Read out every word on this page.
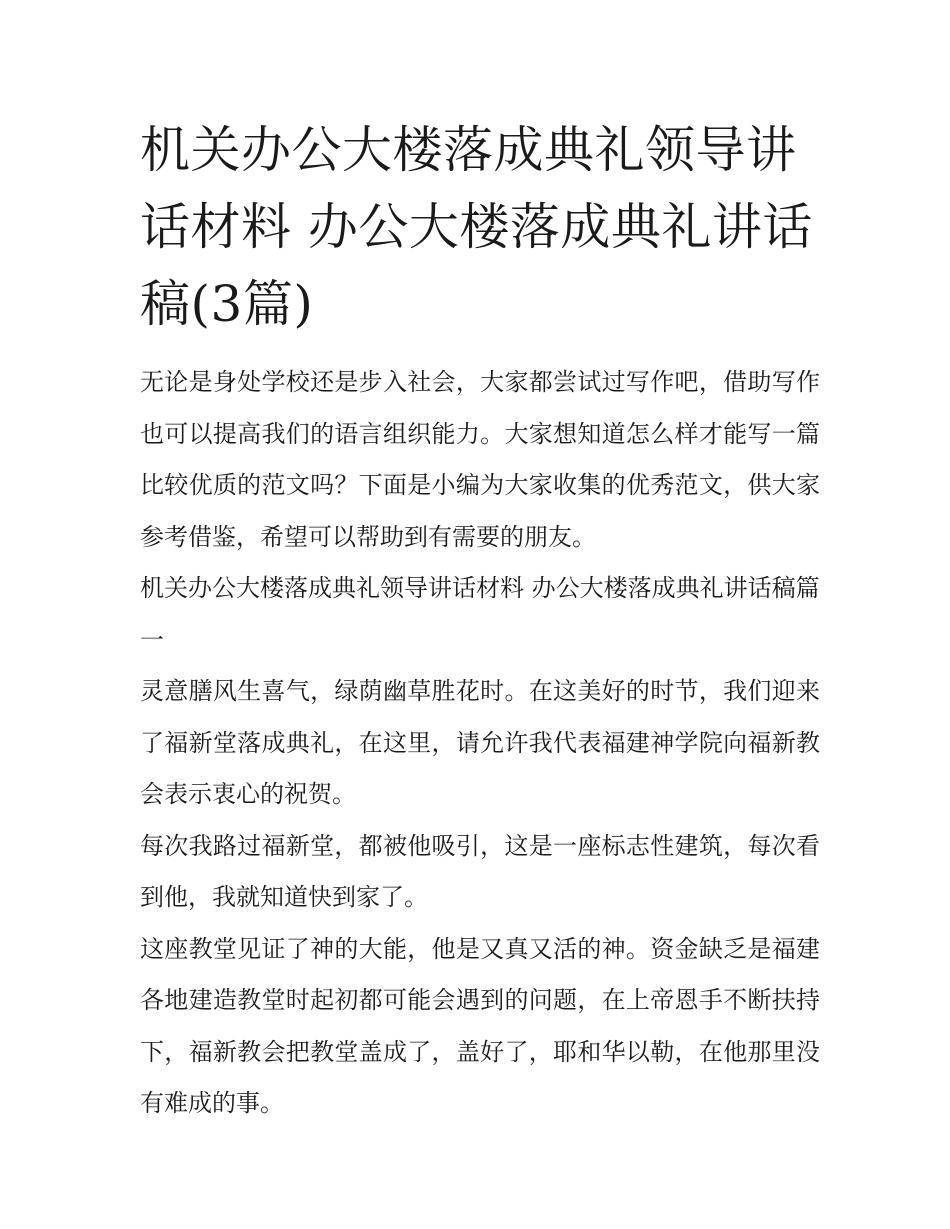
机关办公大楼落成典礼领导讲
话材料 办公大楼落成典礼讲话
稿(3篇)

无论是身处学校还是步入社会，大家都尝试过写作吧，借助写作也可以提高我们的语言组织能力。大家想知道怎么样才能写一篇比较优质的范文吗？下面是小编为大家收集的优秀范文，供大家参考借鉴，希望可以帮助到有需要的朋友。

机关办公大楼落成典礼领导讲话材料 办公大楼落成典礼讲话稿篇一

灵意膳风生喜气，绿荫幽草胜花时。在这美好的时节，我们迎来了福新堂落成典礼，在这里，请允许我代表福建神学院向福新教会表示衷心的祝贺。

每次我路过福新堂，都被他吸引，这是一座标志性建筑，每次看到他，我就知道快到家了。

这座教堂见证了神的大能，他是又真又活的神。资金缺乏是福建各地建造教堂时起初都可能会遇到的问题，在上帝恩手不断扶持下，福新教会把教堂盖成了，盖好了，耶和华以勒，在他那里没有难成的事。
